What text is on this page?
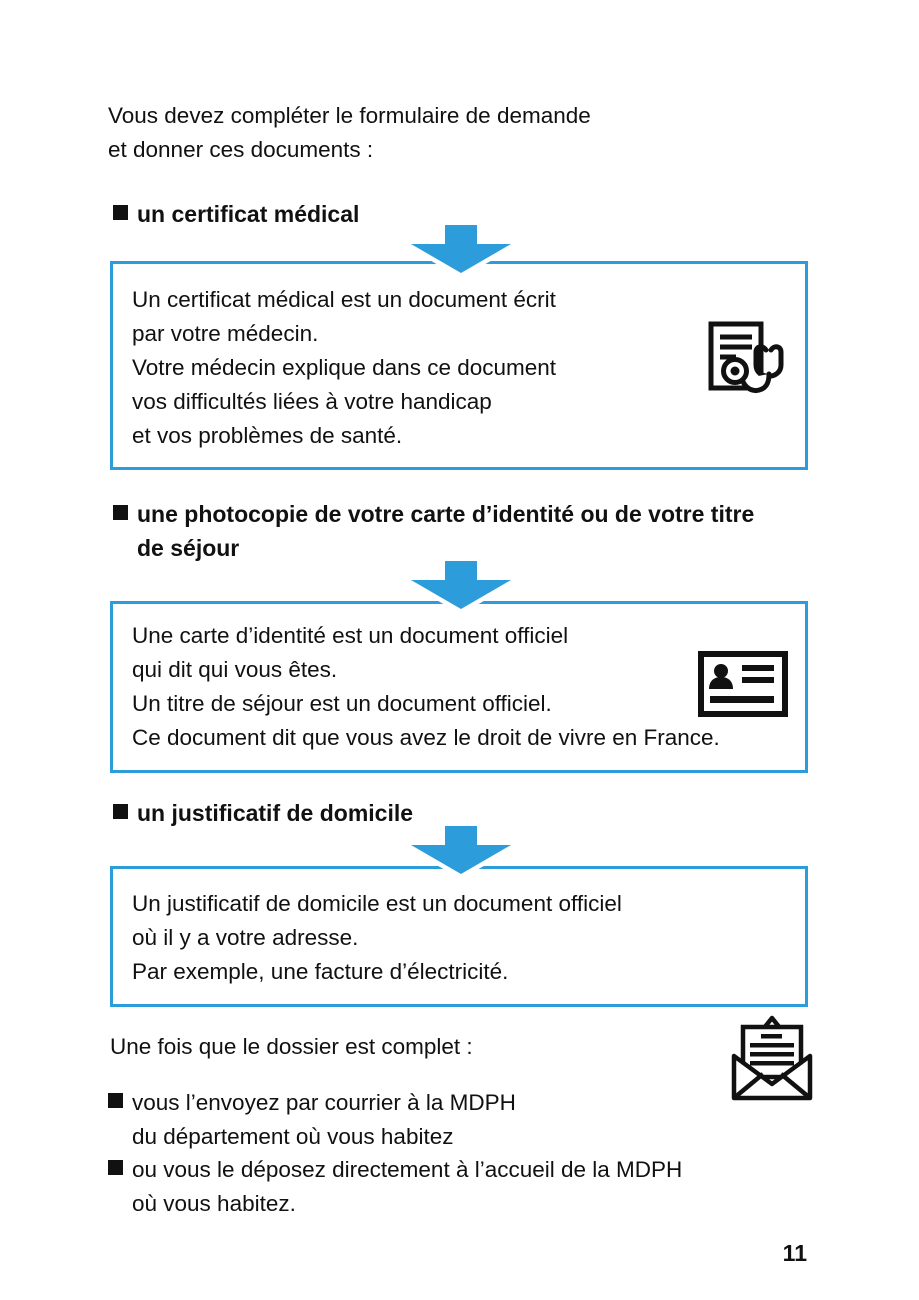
Vous devez compléter le formulaire de demande
et donner ces documents :
un certificat médical
Un certificat médical est un document écrit
par votre médecin.
Votre médecin explique dans ce document
vos difficultés liées à votre handicap
et vos problèmes de santé.
une photocopie de votre carte d’identité ou de votre titre
de séjour
Une carte d’identité est un document officiel
qui dit qui vous êtes.
Un titre de séjour est un document officiel.
Ce document dit que vous avez le droit de vivre en France.
un justificatif de domicile
Un justificatif de domicile est un document officiel
où il y a votre adresse.
Par exemple, une facture d’électricité.
Une fois que le dossier est complet :
vous l’envoyez par courrier à la MDPH
du département où vous habitez
ou vous le déposez directement à l’accueil de la MDPH
où vous habitez.
11
